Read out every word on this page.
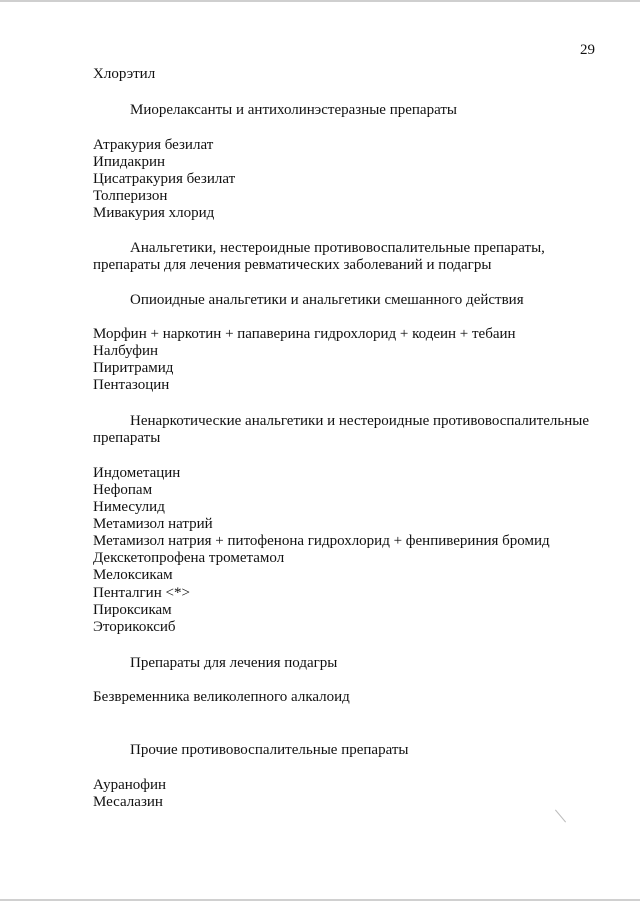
29
Хлорэтил
Миорелаксанты и антихолинэстеразные препараты
Атракурия безилат
Ипидакрин
Цисатракурия безилат
Толперизон
Мивакурия хлорид
Анальгетики, нестероидные противовоспалительные препараты,
препараты для лечения ревматических заболеваний и подагры
Опиоидные анальгетики и анальгетики смешанного действия
Морфин + наркотин + папаверина гидрохлорид + кодеин + тебаин
Налбуфин
Пиритрамид
Пентазоцин
Ненаркотические анальгетики и нестероидные противовоспалительные
препараты
Индометацин
Нефопам
Нимесулид
Метамизол натрий
Метамизол натрия + питофенона гидрохлорид + фенпивериния бромид
Декскетопрофена трометамол
Мелоксикам
Пенталгин <*>
Пироксикам
Эторикоксиб
Препараты для лечения подагры
Безвременника великолепного алкалоид
Прочие противовоспалительные препараты
Ауранофин
Месалазин
